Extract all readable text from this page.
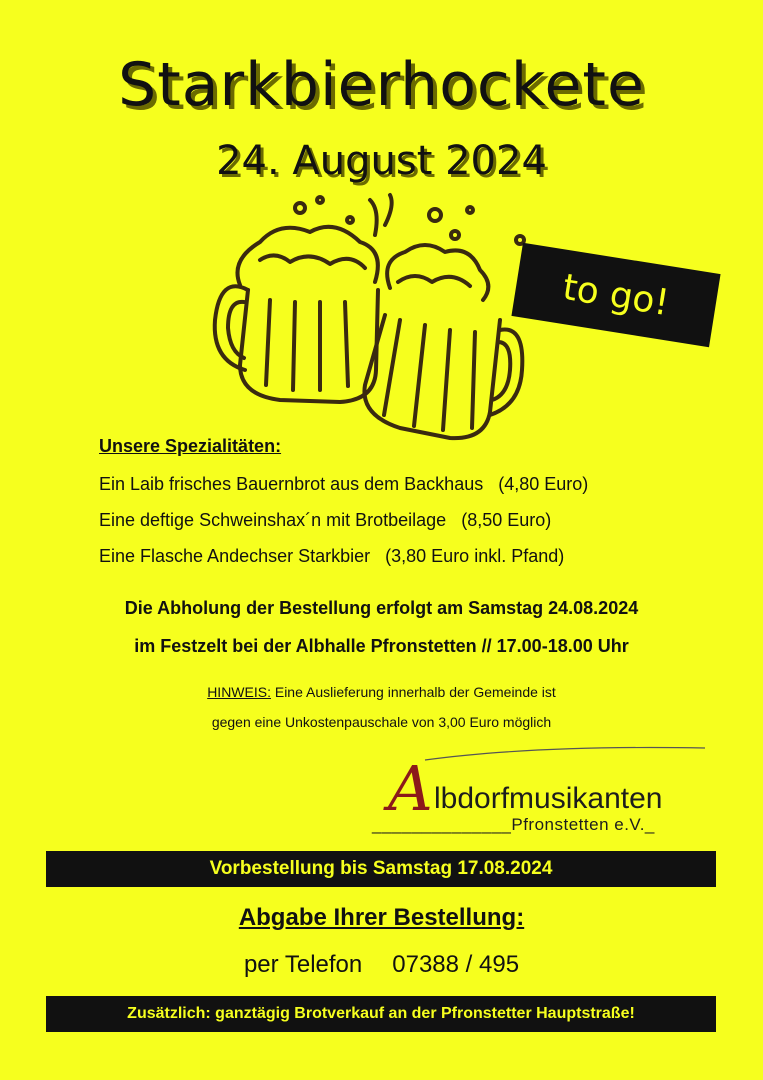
Starkbierhockete
24. August 2024
to go!
Unsere Spezialitäten:
Ein Laib frisches Bauernbrot aus dem Backhaus   (4,80 Euro)
Eine deftige Schweinshax´n mit Brotbeilage   (8,50 Euro)
Eine Flasche Andechser Starkbier   (3,80 Euro inkl. Pfand)
Die Abholung der Bestellung erfolgt am Samstag 24.08.2024
im Festzelt bei der Albhalle Pfronstetten // 17.00-18.00 Uhr
HINWEIS: Eine Auslieferung innerhalb der Gemeinde ist
gegen eine Unkostenpauschale von 3,00 Euro möglich
A lbdorfmusikanten
______________Pfronstetten e.V._
Vorbestellung bis Samstag 17.08.2024
Abgabe Ihrer Bestellung:
per Telefon 07388 / 495
Zusätzlich: ganztägig Brotverkauf an der Pfronstetter Hauptstraße!
